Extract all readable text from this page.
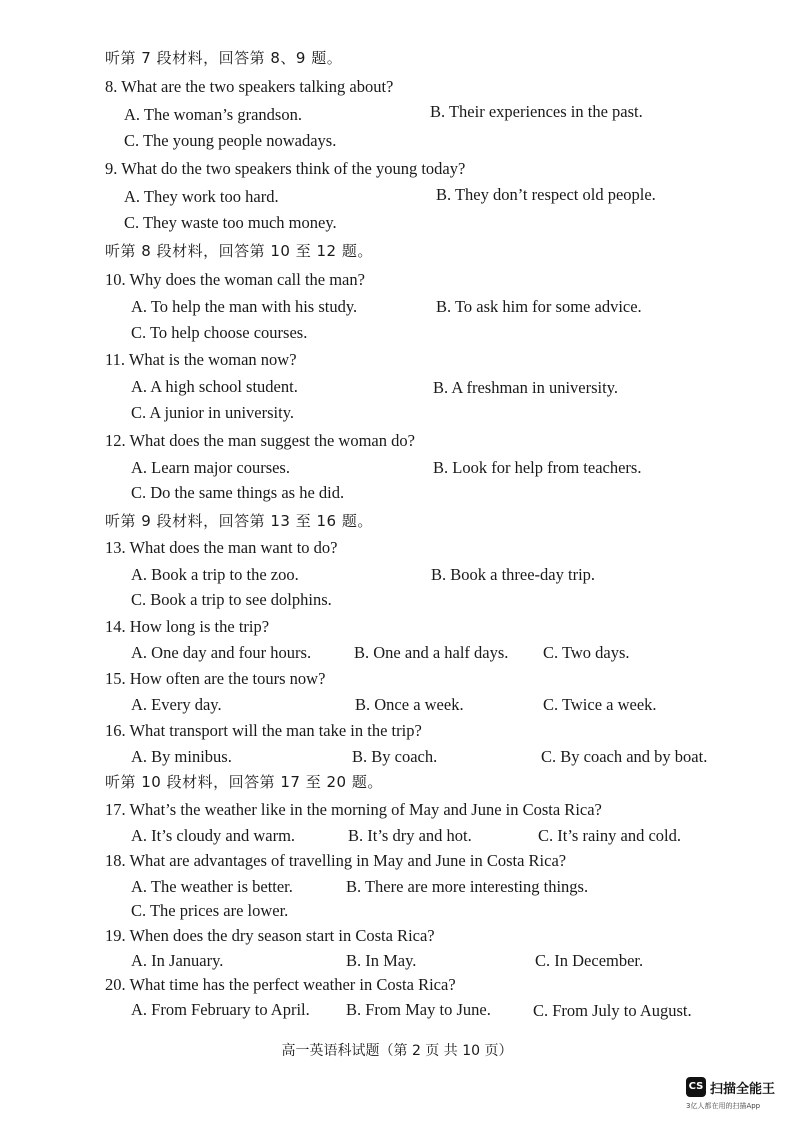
听第 7 段材料，回答第 8、9 题。
8. What are the two speakers talking about?
A. The woman’s grandson.	B. Their experiences in the past.
C. The young people nowadays.
9. What do the two speakers think of the young today?
A. They work too hard.	B. They don’t respect old people.
C. They waste too much money.
听第 8 段材料，回答第 10 至 12 题。
10. Why does the woman call the man?
A. To help the man with his study.	B. To ask him for some advice.
C. To help choose courses.
11. What is the woman now?
A. A high school student.	B. A freshman in university.
C. A junior in university.
12. What does the man suggest the woman do?
A. Learn major courses.	B. Look for help from teachers.
C. Do the same things as he did.
听第 9 段材料，回答第 13 至 16 题。
13. What does the man want to do?
A. Book a trip to the zoo.	B. Book a three-day trip.
C. Book a trip to see dolphins.
14. How long is the trip?
A. One day and four hours.	B. One and a half days. C. Two days.
15. How often are the tours now?
A. Every day.	B. Once a week.	C. Twice a week.
16. What transport will the man take in the trip?
A. By minibus.	B. By coach.	C. By coach and by boat.
听第 10 段材料，回答第 17 至 20 题。
17. What’s the weather like in the morning of May and June in Costa Rica?
A. It’s cloudy and warm.	B. It’s dry and hot.	C. It’s rainy and cold.
18. What are advantages of travelling in May and June in Costa Rica?
A. The weather is better.	B. There are more interesting things.
C. The prices are lower.
19. When does the dry season start in Costa Rica?
A. In January.	B. In May.	C. In December.
20. What time has the perfect weather in Costa Rica?
A. From February to April. B. From May to June.	C. From July to August.
高一英语科试题（第 2 页 共 10 页）
CS 扫描全能王
3亿人都在用的扫描App
